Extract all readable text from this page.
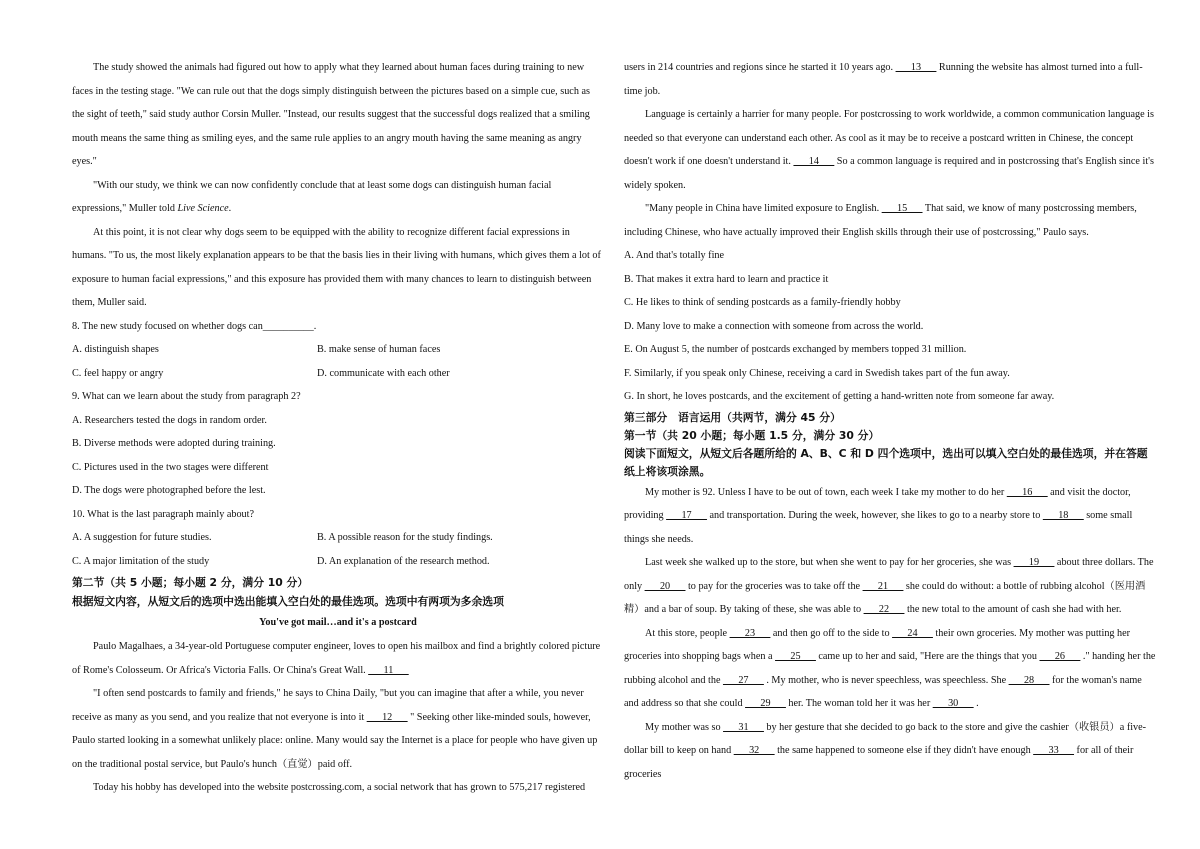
The study showed the animals had figured out how to apply what they learned about human faces during training to new faces in the testing stage. "We can rule out that the dogs simply distinguish between the pictures based on a simple cue, such as the sight of teeth," said study author Corsin Muller. "Instead, our results suggest that the successful dogs realized that a smiling mouth means the same thing as smiling eyes, and the same rule applies to an angry mouth having the same meaning as angry eyes."

"With our study, we think we can now confidently conclude that at least some dogs can distinguish human facial expressions," Muller told Live Science.

At this point, it is not clear why dogs seem to be equipped with the ability to recognize different facial expressions in humans. "To us, the most likely explanation appears to be that the basis lies in their living with humans, which gives them a lot of exposure to human facial expressions," and this exposure has provided them with many chances to learn to distinguish between them, Muller said.

8. The new study focused on whether dogs can__________.

A. distinguish shapes	B. make sense of human faces
C. feel happy or angry	D. communicate with each other

9. What can we learn about the study from paragraph 2?

A. Researchers tested the dogs in random order.

B. Diverse methods were adopted during training.

C. Pictures used in the two stages were different

D. The dogs were photographed before the lest.

10. What is the last paragraph mainly about?

A. A suggestion for future studies.	B. A possible reason for the study findings.
C. A major limitation of the study	D. An explanation of the research method.

第二节（共 5 小题；每小题 2 分，满分 10 分）

根据短文内容，从短文后的选项中选出能填入空白处的最佳选项。选项中有两项为多余选项

You've got mail…and it's a postcard

Paulo Magalhaes, a 34-year-old Portuguese computer engineer, loves to open his mailbox and find a brightly colored picture of Rome's Colosseum. Or Africa's Victoria Falls. Or China's Great Wall. ___11___

"I often send postcards to family and friends," he says to China Daily, "but you can imagine that after a while, you never receive as many as you send, and you realize that not everyone is into it ___12___ " Seeking other like-minded souls, however, Paulo started looking in a somewhat unlikely place: online. Many would say the Internet is a place for people who have given up on the traditional postal service, but Paulo's hunch（直觉）paid off.

Today his hobby has developed into the website postcrossing.com, a social network that has grown to 575,217 registered

users in 214 countries and regions since he started it 10 years ago. ___13___ Running the website has almost turned into a full-time job.

Language is certainly a harrier for many people. For postcrossing to work worldwide, a common communication language is needed so that everyone can understand each other. As cool as it may be to receive a postcard written in Chinese, the concept doesn't work if one doesn't understand it. ___14___ So a common language is required and in postcrossing that's English since it's widely spoken.

"Many people in China have limited exposure to English. ___15___ That said, we know of many postcrossing members, including Chinese, who have actually improved their English skills through their use of postcrossing," Paulo says.

A. And that's totally fine

B. That makes it extra hard to learn and practice it

C. He likes to think of sending postcards as a family-friendly hobby

D. Many love to make a connection with someone from across the world.

E. On August 5, the number of postcards exchanged by members topped 31 million.

F. Similarly, if you speak only Chinese, receiving a card in Swedish takes part of the fun away.

G. In short, he loves postcards, and the excitement of getting a hand-written note from someone far away.

第三部分　语言运用（共两节，满分 45 分）

第一节（共 20 小题；每小题 1.5 分，满分 30 分）

阅读下面短文，从短文后各题所给的 A、B、C 和 D 四个选项中，选出可以填入空白处的最佳选项，并在答题纸上将该项涂黑。

My mother is 92. Unless I have to be out of town, each week I take my mother to do her ___16___ and visit the doctor, providing ___17___ and transportation. During the week, however, she likes to go to a nearby store to ___18___ some small things she needs.

Last week she walked up to the store, but when she went to pay for her groceries, she was ___19___ about three dollars. The only ___20___ to pay for the groceries was to take off the ___21___ she could do without: a bottle of rubbing alcohol（医用酒精）and a bar of soup. By taking of these, she was able to ___22___ the new total to the amount of cash she had with her.

At this store, people ___23___ and then go off to the side to ___24___ their own groceries. My mother was putting her groceries into shopping bags when a ___25___ came up to her and said, "Here are the things that you ___26___ ." handing her the rubbing alcohol and the ___27___ . My mother, who is never speechless, was speechless. She ___28___ for the woman's name and address so that she could ___29___ her. The woman told her it was her ___30___ .

My mother was so ___31___ by her gesture that she decided to go back to the store and give the cashier（收银员）a five-dollar bill to keep on hand ___32___ the same happened to someone else if they didn't have enough ___33___ for all of their groceries
